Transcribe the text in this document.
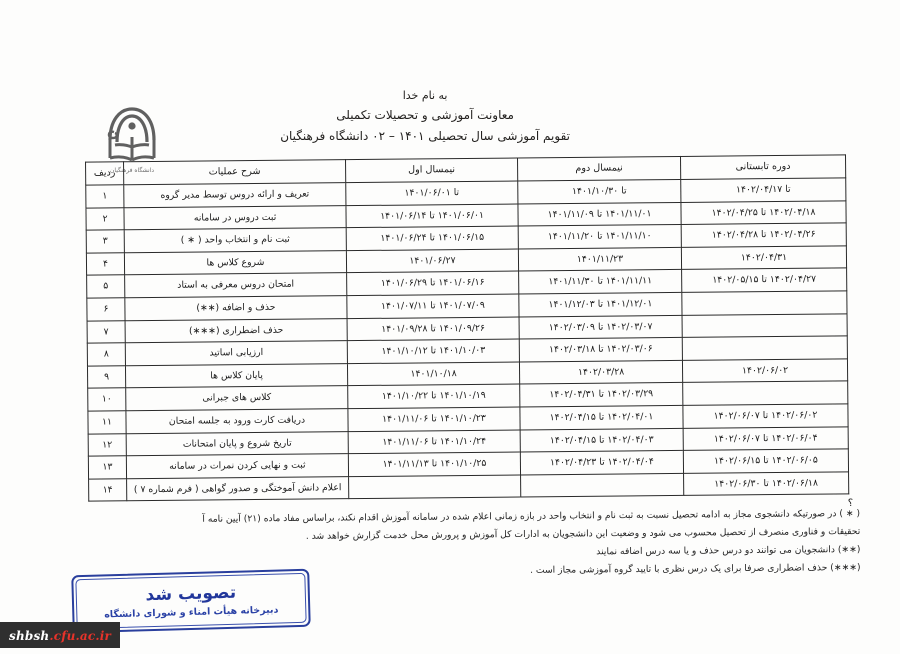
دانشگاه فرهنگیان
به نام خدا
معاونت آموزشی و تحصیلات تکمیلی
تقویم آموزشی سال تحصیلی ۱۴۰۱ – ۰۲ دانشگاه فرهنگیان
دوره تابستانی	نیمسال دوم	نیمسال اول	شرح عملیات	ردیف
تا ۱۴۰۲/۰۴/۱۷	تا ۱۴۰۱/۱۰/۳۰	تا ۱۴۰۱/۰۶/۰۱	تعریف و ارائه دروس توسط مدیر گروه	۱
۱۴۰۲/۰۴/۱۸ تا ۱۴۰۲/۰۴/۲۵	۱۴۰۱/۱۱/۰۱ تا ۱۴۰۱/۱۱/۰۹	۱۴۰۱/۰۶/۰۱ تا ۱۴۰۱/۰۶/۱۴	ثبت دروس در سامانه	۲
۱۴۰۲/۰۴/۲۶ تا ۱۴۰۲/۰۴/۲۸	۱۴۰۱/۱۱/۱۰ تا ۱۴۰۱/۱۱/۲۰	۱۴۰۱/۰۶/۱۵ تا ۱۴۰۱/۰۶/۲۴	ثبت نام و انتخاب واحد ( ∗ )	۳
۱۴۰۲/۰۴/۳۱	۱۴۰۱/۱۱/۲۳	۱۴۰۱/۰۶/۲۷	شروع کلاس ها	۴
۱۴۰۲/۰۴/۲۷ تا ۱۴۰۲/۰۵/۱۵	۱۴۰۱/۱۱/۱۱ تا ۱۴۰۱/۱۱/۳۰	۱۴۰۱/۰۶/۱۶ تا ۱۴۰۱/۰۶/۲۹	امتحان دروس معرفی به استاد	۵
	۱۴۰۱/۱۲/۰۱ تا ۱۴۰۱/۱۲/۰۳	۱۴۰۱/۰۷/۰۹ تا ۱۴۰۱/۰۷/۱۱	حذف و اضافه (∗∗)	۶
	۱۴۰۲/۰۳/۰۷ تا ۱۴۰۲/۰۳/۰۹	۱۴۰۱/۰۹/۲۶ تا ۱۴۰۱/۰۹/۲۸	حذف اضطراری (∗∗∗)	۷
	۱۴۰۲/۰۳/۰۶ تا ۱۴۰۲/۰۳/۱۸	۱۴۰۱/۱۰/۰۳ تا ۱۴۰۱/۱۰/۱۲	ارزیابی اساتید	۸
۱۴۰۲/۰۶/۰۲	۱۴۰۲/۰۳/۲۸	۱۴۰۱/۱۰/۱۸	پایان کلاس ها	۹
	۱۴۰۲/۰۳/۲۹ تا ۱۴۰۲/۰۴/۳۱	۱۴۰۱/۱۰/۱۹ تا ۱۴۰۱/۱۰/۲۲	کلاس های جبرانی	۱۰
۱۴۰۲/۰۶/۰۲ تا ۱۴۰۲/۰۶/۰۷	۱۴۰۲/۰۴/۰۱ تا ۱۴۰۲/۰۴/۱۵	۱۴۰۱/۱۰/۲۳ تا ۱۴۰۱/۱۱/۰۶	دریافت کارت ورود به جلسه امتحان	۱۱
۱۴۰۲/۰۶/۰۴ تا ۱۴۰۲/۰۶/۰۷	۱۴۰۲/۰۴/۰۳ تا ۱۴۰۲/۰۴/۱۵	۱۴۰۱/۱۰/۲۴ تا ۱۴۰۱/۱۱/۰۶	تاریخ شروع و پایان امتحانات	۱۲
۱۴۰۲/۰۶/۰۵ تا ۱۴۰۲/۰۶/۱۵	۱۴۰۲/۰۴/۰۴ تا ۱۴۰۲/۰۴/۲۳	۱۴۰۱/۱۰/۲۵ تا ۱۴۰۱/۱۱/۱۳	ثبت و نهایی کردن نمرات در سامانه	۱۳
۱۴۰۲/۰۶/۱۸ تا ۱۴۰۲/۰۶/۳۰			اعلام دانش آموختگی و صدور گواهی ( فرم شماره ۷ )	۱۴
؟
( ∗ ) در صورتیکه دانشجوی مجاز به ادامه تحصیل نسبت به ثبت نام و انتخاب واحد در بازه زمانی اعلام شده در سامانه آموزش اقدام نکند، براساس مفاد ماده (۲۱) آیین نامه آ
تحقیقات و فناوری منصرف از تحصیل محسوب می شود و وضعیت این دانشجویان به ادارات کل آموزش و پرورش محل خدمت گزارش خواهد شد .
(∗∗) دانشجویان می توانند دو درس حذف و یا سه درس اضافه نمایند
(∗∗∗) حذف اضطراری صرفا برای یک درس نظری با تایید گروه آموزشی مجاز است .
تصویب شد
دبیرخانه هیأت امناء و شورای دانشگاه
shbsh.cfu.ac.ir
